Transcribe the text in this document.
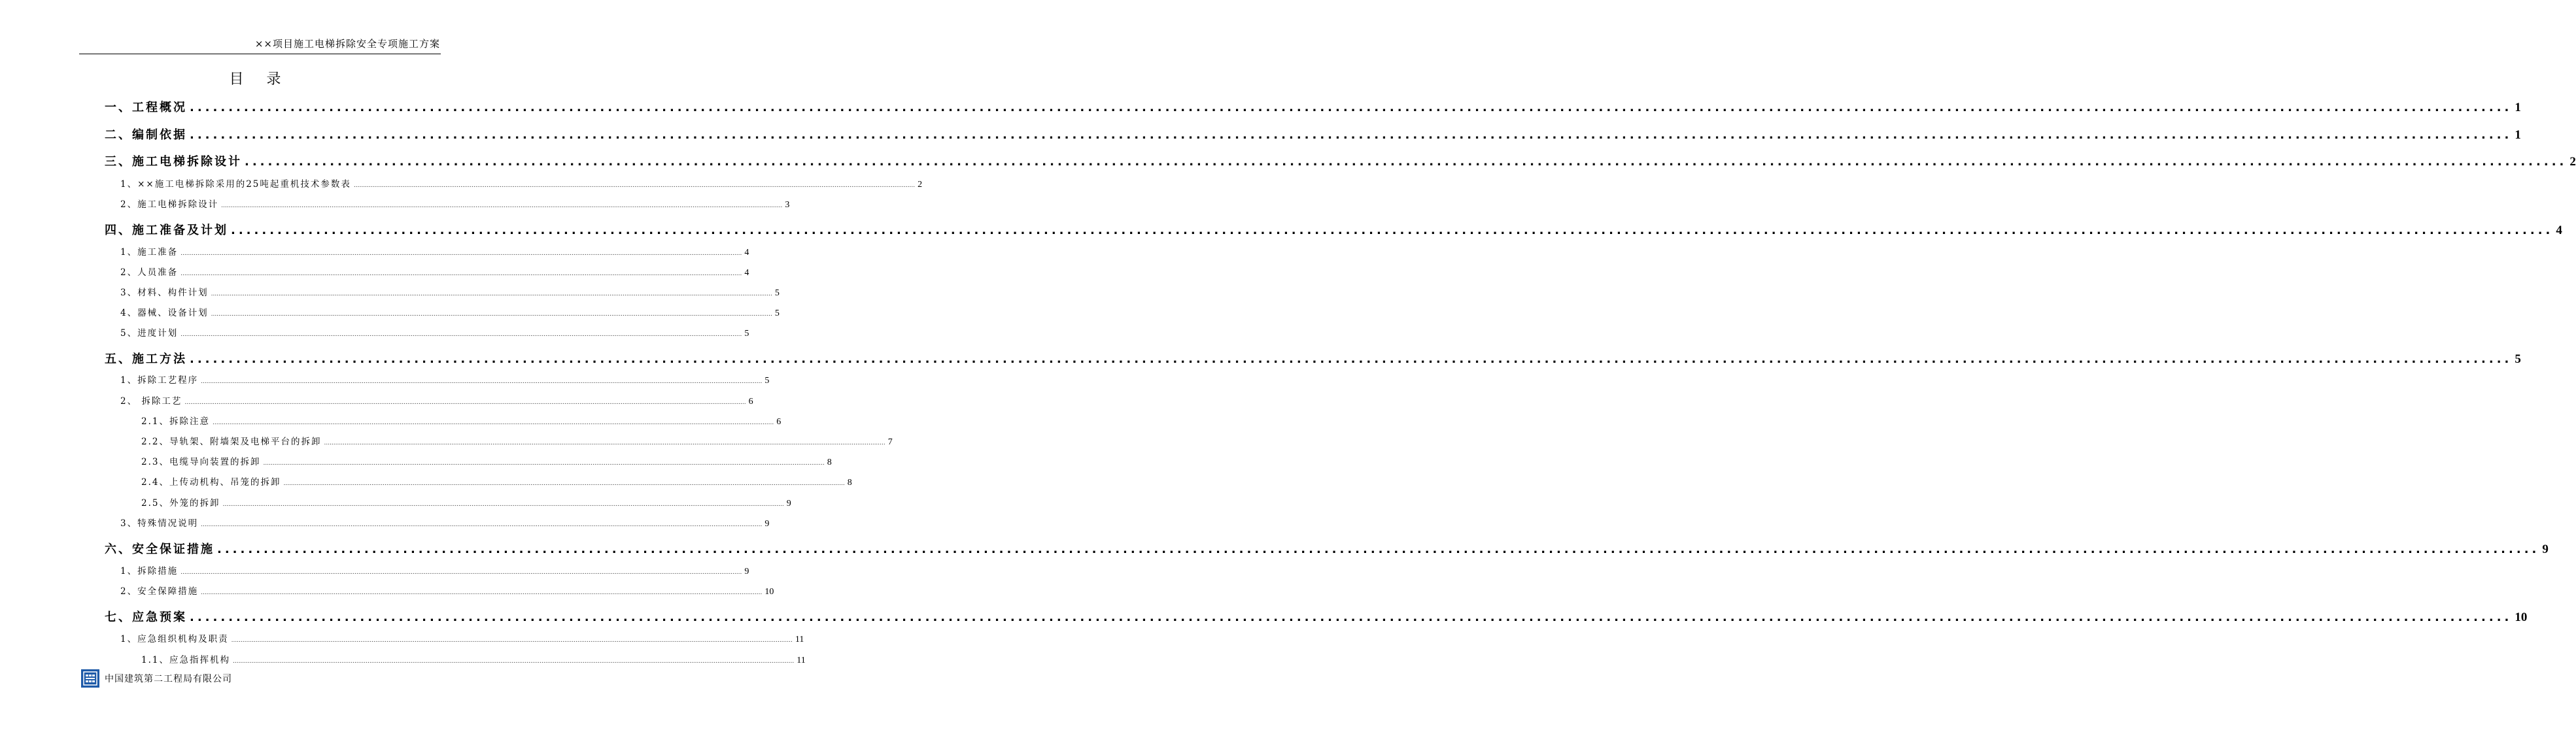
××项目施工电梯拆除安全专项施工方案
目 录
一、工程概况 ............................................................................................................................................................................................................................................................................................................ 1
二、编制依据 ............................................................................................................................................................................................................................................................................................................ 1
三、施工电梯拆除设计 ............................................................................................................................................................................................................................................................................................................ 2
1、××施工电梯拆除采用的25吨起重机技术参数表 ............................................................................................................................................................................................................................................................................................................ 2
2、施工电梯拆除设计 ............................................................................................................................................................................................................................................................................................................ 3
四、施工准备及计划 ............................................................................................................................................................................................................................................................................................................ 4
1、施工准备 ............................................................................................................................................................................................................................................................................................................ 4
2、人员准备 ............................................................................................................................................................................................................................................................................................................ 4
3、材料、构件计划 ............................................................................................................................................................................................................................................................................................................ 5
4、器械、设备计划 ............................................................................................................................................................................................................................................................................................................ 5
5、进度计划 ............................................................................................................................................................................................................................................................................................................ 5
五、施工方法 ............................................................................................................................................................................................................................................................................................................ 5
1、拆除工艺程序 ............................................................................................................................................................................................................................................................................................................ 5
2、 拆除工艺 ............................................................................................................................................................................................................................................................................................................ 6
2.1、拆除注意 ............................................................................................................................................................................................................................................................................................................ 6
2.2、导轨架、附墙架及电梯平台的拆卸 ............................................................................................................................................................................................................................................................................................................ 7
2.3、电缆导向装置的拆卸 ............................................................................................................................................................................................................................................................................................................ 8
2.4、上传动机构、吊笼的拆卸 ............................................................................................................................................................................................................................................................................................................ 8
2.5、外笼的拆卸 ............................................................................................................................................................................................................................................................................................................ 9
3、特殊情况说明 ............................................................................................................................................................................................................................................................................................................ 9
六、安全保证措施 ............................................................................................................................................................................................................................................................................................................ 9
1、拆除措施 ............................................................................................................................................................................................................................................................................................................ 9
2、安全保障措施 ............................................................................................................................................................................................................................................................................................................ 10
七、应急预案 ............................................................................................................................................................................................................................................................................................................ 10
1、应急组织机构及职责 ............................................................................................................................................................................................................................................................................................................ 11
1.1、应急指挥机构 ............................................................................................................................................................................................................................................................................................................ 11
中国建筑第二工程局有限公司
